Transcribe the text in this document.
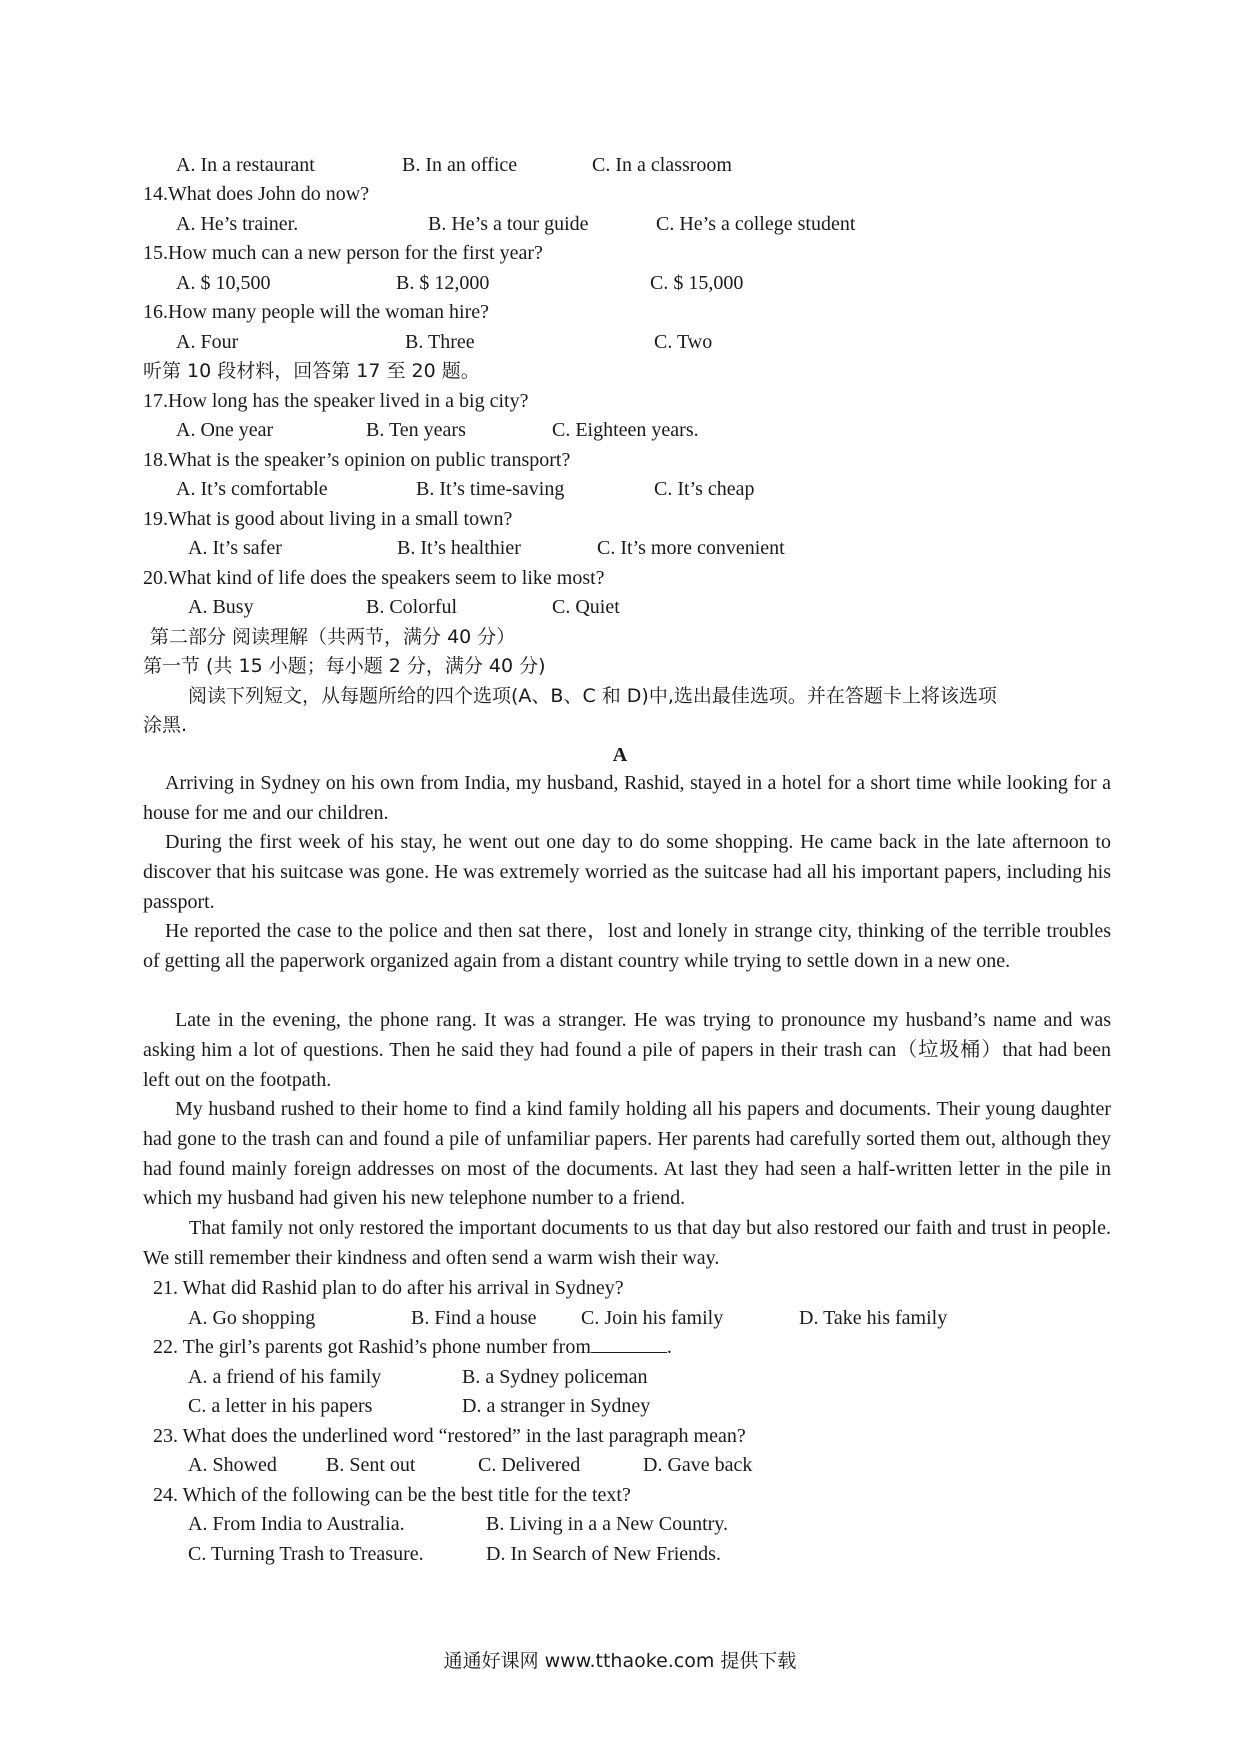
A. In a restaurant	B. In an office	C. In a classroom
14.What does John do now?
A. He’s trainer.	B. He’s a tour guide	C. He’s a college student
15.How much can a new person for the first year?
A. $ 10,500	B. $ 12,000	C. $ 15,000
16.How many people will the woman hire?
A. Four	B. Three	C. Two
听第 10 段材料，回答第 17 至 20 题。
17.How long has the speaker lived in a big city?
A. One year	B. Ten years	C. Eighteen years.
18.What is the speaker’s opinion on public transport?
A. It’s comfortable	B. It’s time-saving	C. It’s cheap
19.What is good about living in a small town?
A. It’s safer	B. It’s healthier	C. It’s more convenient
20.What kind of life does the speakers seem to like most?
A. Busy	B. Colorful	C. Quiet
第二部分 阅读理解（共两节，满分 40 分）
第一节 (共 15 小题；每小题 2 分，满分 40 分)
阅读下列短文，从每题所给的四个选项(A、B、C 和 D)中,选出最佳选项。并在答题卡上将该选项
涂黑.
A
Arriving in Sydney on his own from India, my husband, Rashid, stayed in a hotel for a short time while looking for a house for me and our children.
During the first week of his stay, he went out one day to do some shopping. He came back in the late afternoon to discover that his suitcase was gone. He was extremely worried as the suitcase had all his important papers, including his passport.
He reported the case to the police and then sat there，lost and lonely in strange city, thinking of the terrible troubles of getting all the paperwork organized again from a distant country while trying to settle down in a new one.
Late in the evening, the phone rang. It was a stranger. He was trying to pronounce my husband’s name and was asking him a lot of questions. Then he said they had found a pile of papers in their trash can（垃圾桶）that had been left out on the footpath.
My husband rushed to their home to find a kind family holding all his papers and documents. Their young daughter had gone to the trash can and found a pile of unfamiliar papers. Her parents had carefully sorted them out, although they had found mainly foreign addresses on most of the documents. At last they had seen a half-written letter in the pile in which my husband had given his new telephone number to a friend.
That family not only restored the important documents to us that day but also restored our faith and trust in people. We still remember their kindness and often send a warm wish their way.
21. What did Rashid plan to do after his arrival in Sydney?
A. Go shopping	B. Find a house C. Join his family	D. Take his family
22. The girl’s parents got Rashid’s phone number from	.
A. a friend of his family	B. a Sydney policeman
C. a letter in his papers	D. a stranger in Sydney
23. What does the underlined word “restored” in the last paragraph mean?
A. Showed B. Sent out	C. Delivered	D. Gave back
24. Which of the following can be the best title for the text?
A. From India to Australia.	B. Living in a a New Country.
C. Turning Trash to Treasure.	D. In Search of New Friends.
通通好课网 www.tthaoke.com 提供下载
